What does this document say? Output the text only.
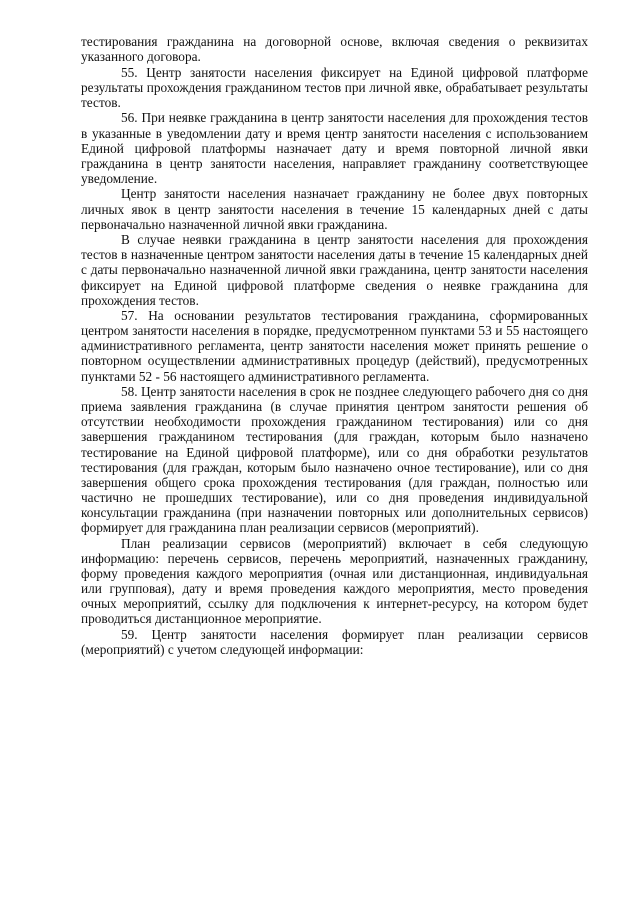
тестирования гражданина на договорной основе, включая сведения о реквизитах указанного договора.

55. Центр занятости населения фиксирует на Единой цифровой платформе результаты прохождения гражданином тестов при личной явке, обрабатывает результаты тестов.

56. При неявке гражданина в центр занятости населения для прохождения тестов в указанные в уведомлении дату и время центр занятости населения с использованием Единой цифровой платформы назначает дату и время повторной личной явки гражданина в центр занятости населения, направляет гражданину соответствующее уведомление.

Центр занятости населения назначает гражданину не более двух повторных личных явок в центр занятости населения в течение 15 календарных дней с даты первоначально назначенной личной явки гражданина.

В случае неявки гражданина в центр занятости населения для прохождения тестов в назначенные центром занятости населения даты в течение 15 календарных дней с даты первоначально назначенной личной явки гражданина, центр занятости населения фиксирует на Единой цифровой платформе сведения о неявке гражданина для прохождения тестов.

57. На основании результатов тестирования гражданина, сформированных центром занятости населения в порядке, предусмотренном пунктами 53 и 55 настоящего административного регламента, центр занятости населения может принять решение о повторном осуществлении административных процедур (действий), предусмотренных пунктами 52 - 56 настоящего административного регламента.

58. Центр занятости населения в срок не позднее следующего рабочего дня со дня приема заявления гражданина (в случае принятия центром занятости решения об отсутствии необходимости прохождения гражданином тестирования) или со дня завершения гражданином тестирования (для граждан, которым было назначено тестирование на Единой цифровой платформе), или со дня обработки результатов тестирования (для граждан, которым было назначено очное тестирование), или со дня завершения общего срока прохождения тестирования (для граждан, полностью или частично не прошедших тестирование), или со дня проведения индивидуальной консультации гражданина (при назначении повторных или дополнительных сервисов) формирует для гражданина план реализации сервисов (мероприятий).

План реализации сервисов (мероприятий) включает в себя следующую информацию: перечень сервисов, перечень мероприятий, назначенных гражданину, форму проведения каждого мероприятия (очная или дистанционная, индивидуальная или групповая), дату и время проведения каждого мероприятия, место проведения очных мероприятий, ссылку для подключения к интернет-ресурсу, на котором будет проводиться дистанционное мероприятие.

59. Центр занятости населения формирует план реализации сервисов (мероприятий) с учетом следующей информации:
